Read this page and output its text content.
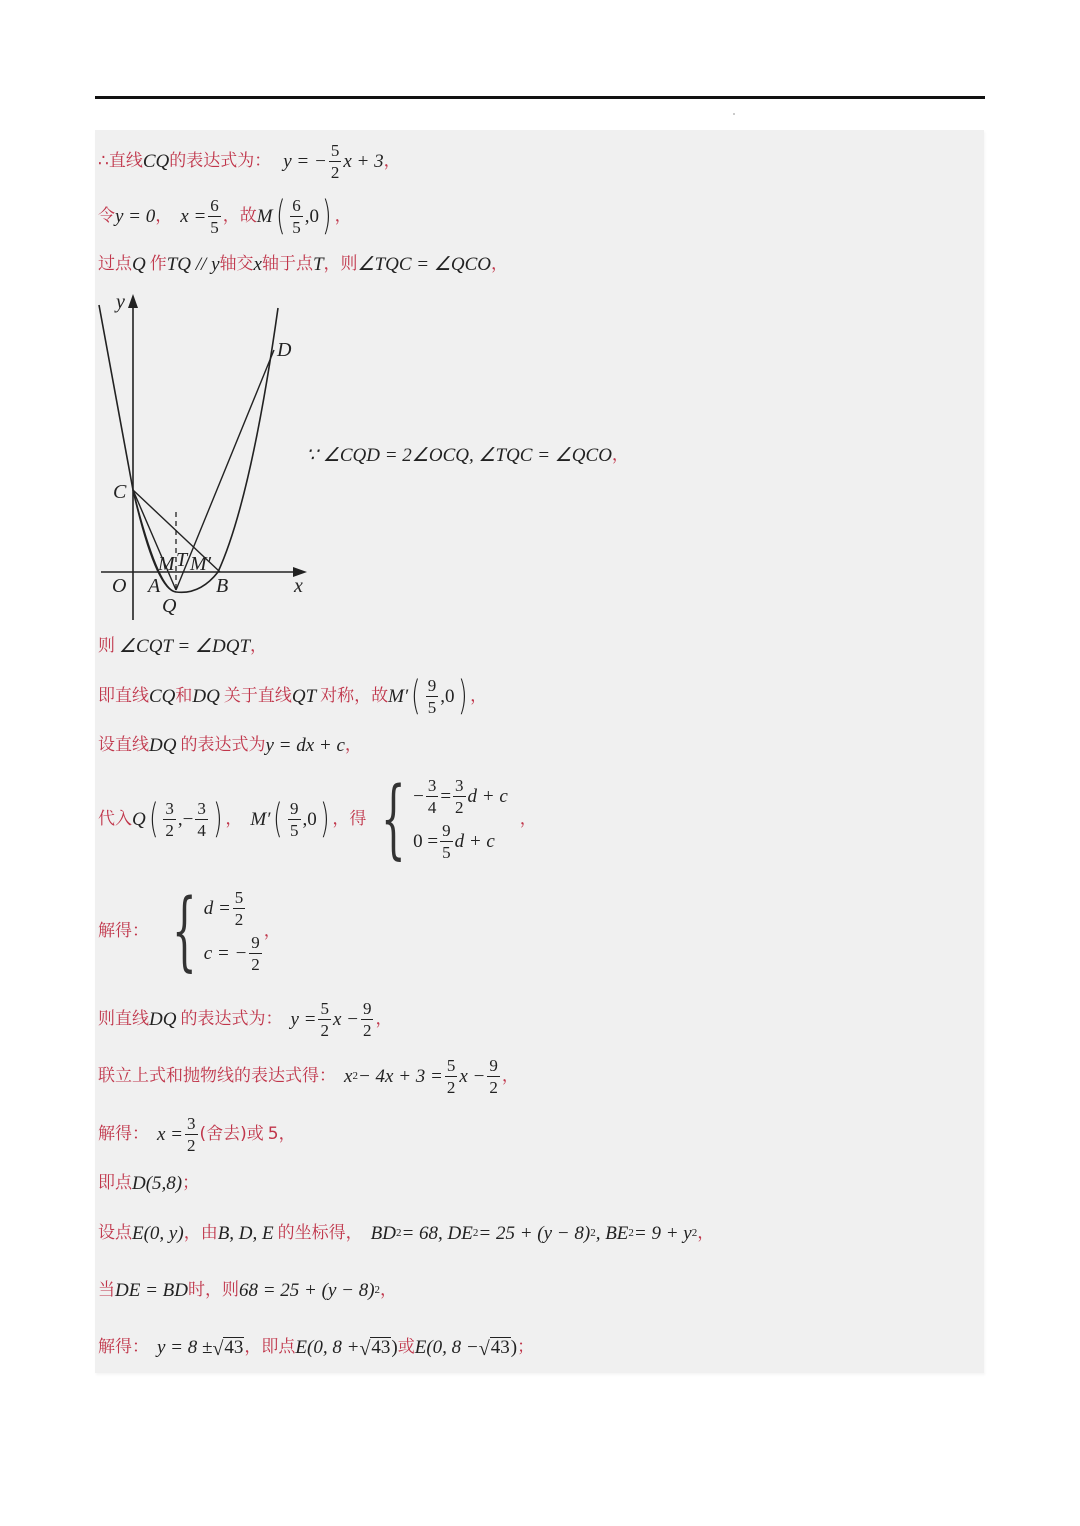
∴直线 CQ 的表达式为： y = − $\frac{5}{2}$ x + 3 ，
令 y = 0 ， $x = \frac{6}{5}$ ，故 M ( $\frac{6}{5} ,0$ ) ，
过点 Q 作 TQ // y 轴交 x 轴于点 T ，则 ∠TQC = ∠QCO ，
y
x
O A	B
C
D
Q
T
M M′
∵ ∠CQD = 2∠OCQ, ∠TQC = ∠QCO ，
则 ∠CQT = ∠DQT ，
即直线 CQ 和 DQ 关于直线 QT 对称，故 M′ ( $\frac{9}{5} ,0$ ) ，
设直线 DQ 的表达式为 y = dx + c ，
代入 Q ( $\frac{3}{2}$ ,− $\frac{3}{4}$ ) ， M′ ( $\frac{9}{5} ,0$ ) ，得 { − $\frac{3}{4} = \frac{3}{2}$ d + c
$0 = \frac{9}{5}$ d + c
，
解得： { $d = \frac{5}{2}$
c = − $\frac{9}{2}$
，
则直线 DQ 的表达式为： $y = \frac{5}{2}$ $x - \frac{9}{2}$ ，
联立上式和抛物线的表达式得： x $2 - 4x + 3 = \frac{5}{2}$ $x - \frac{9}{2}$ ，
解得： $x = \frac{3}{2}$ (舍去)或 5 ，
即点 D(5,8) ；
设点 E(0, y) ，由 B, D, E 的坐标得， BD 2 = 68, DE 2 = 25 + (y − 8) 2 , BE 2 = 9 + y 2 ，
当 DE = BD 时，则 68 = 25 + (y − 8) 2 ，
解得： y = 8 ± √ 43 ，即点 E(0, 8 + √ 43 ) 或 E(0, 8 − √ 43 ) ；
